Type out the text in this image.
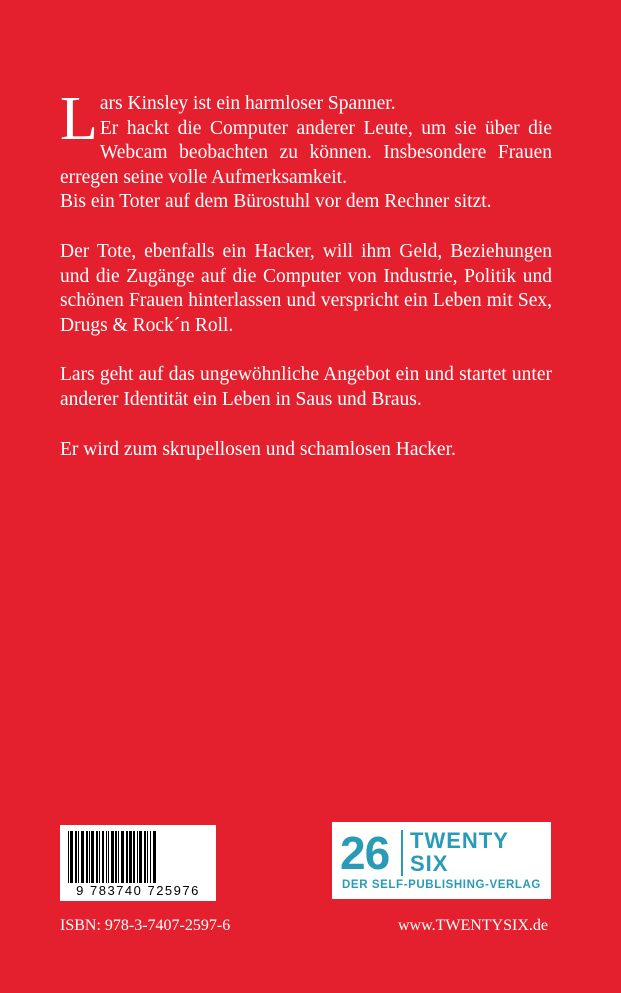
L ars Kinsley ist ein harmloser Spanner.
Er hackt die Computer anderer Leute, um sie über die Webcam beobachten zu können. Insbesondere Frauen erregen seine volle Aufmerksamkeit.
Bis ein Toter auf dem Bürostuhl vor dem Rechner sitzt.

Der Tote, ebenfalls ein Hacker, will ihm Geld, Beziehungen und die Zugänge auf die Computer von Industrie, Politik und schönen Frauen hinterlassen und verspricht ein Leben mit Sex, Drugs & Rock´n Roll.

Lars geht auf das ungewöhnliche Angebot ein und startet unter anderer Identität ein Leben in Saus und Braus.

Er wird zum skrupellosen und schamlosen Hacker.

9 783740 725976
26 TWENTY
SIX
DER SELF-PUBLISHING-VERLAG
ISBN: 978-3-7407-2597-6	www.TWENTYSIX.de
